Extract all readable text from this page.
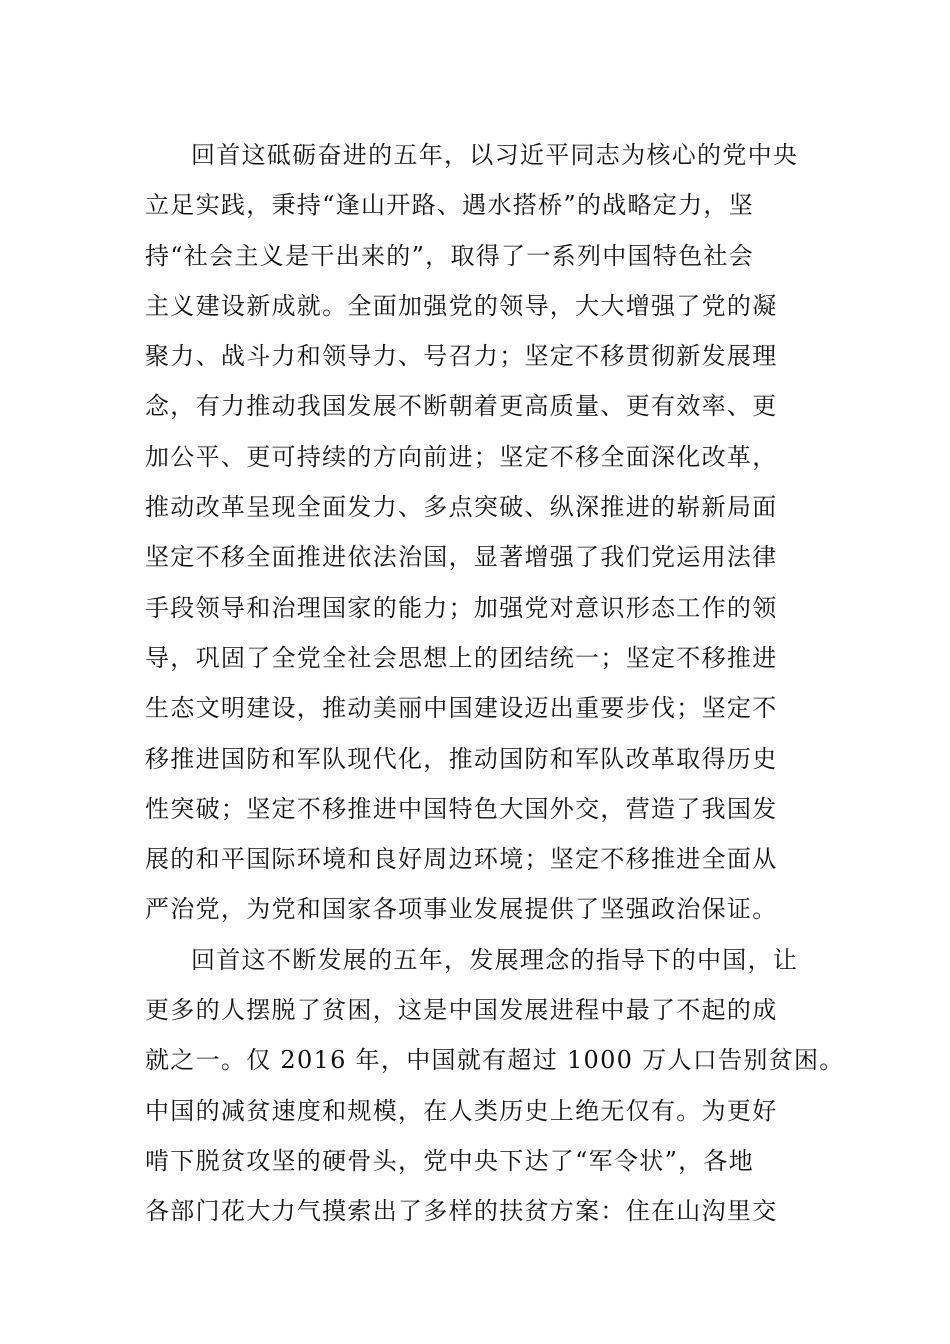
回首这砥砺奋进的五年，以习近平同志为核心的党中央
立足实践，秉持“逢山开路、遇水搭桥”的战略定力，坚
持“社会主义是干出来的”，取得了一系列中国特色社会
主义建设新成就。全面加强党的领导，大大增强了党的凝
聚力、战斗力和领导力、号召力；坚定不移贯彻新发展理
念，有力推动我国发展不断朝着更高质量、更有效率、更
加公平、更可持续的方向前进；坚定不移全面深化改革，
推动改革呈现全面发力、多点突破、纵深推进的崭新局面
坚定不移全面推进依法治国，显著增强了我们党运用法律
手段领导和治理国家的能力；加强党对意识形态工作的领
导，巩固了全党全社会思想上的团结统一；坚定不移推进
生态文明建设，推动美丽中国建设迈出重要步伐；坚定不
移推进国防和军队现代化，推动国防和军队改革取得历史
性突破；坚定不移推进中国特色大国外交，营造了我国发
展的和平国际环境和良好周边环境；坚定不移推进全面从
严治党，为党和国家各项事业发展提供了坚强政治保证。
回首这不断发展的五年，发展理念的指导下的中国，让
更多的人摆脱了贫困，这是中国发展进程中最了不起的成
就之一。仅 2016 年，中国就有超过 1000 万人口告别贫困。
中国的减贫速度和规模，在人类历史上绝无仅有。为更好
啃下脱贫攻坚的硬骨头，党中央下达了“军令状”，各地
各部门花大力气摸索出了多样的扶贫方案：住在山沟里交
